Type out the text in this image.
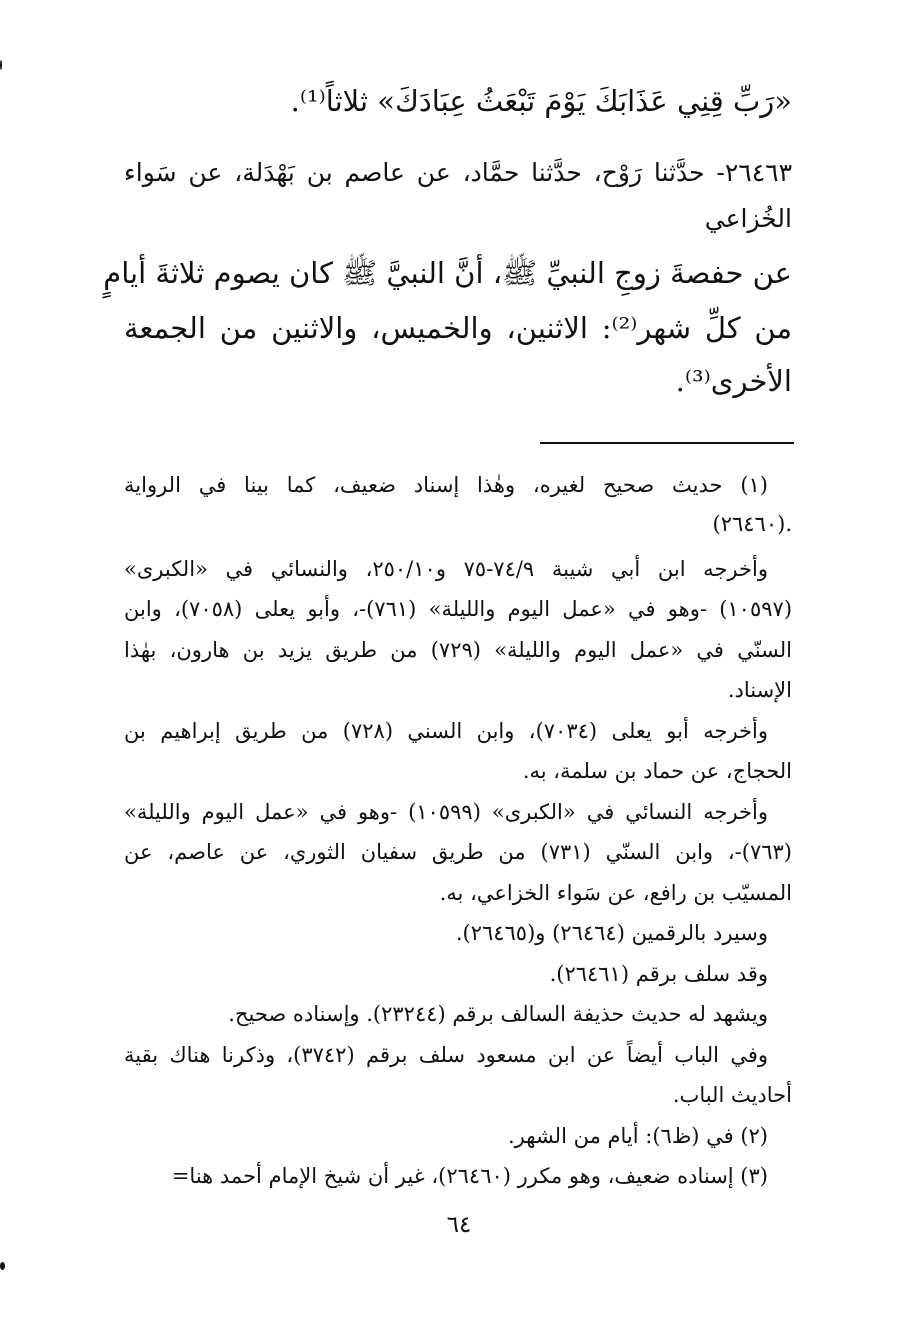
«رَبِّ قِنِي عَذَابَكَ يَوْمَ تَبْعَثُ عِبَادَكَ» ثلاثاً⁽¹⁾.
٢٦٤٦٣- حدَّثنا رَوْح، حدَّثنا حمَّاد، عن عاصم بن بَهْدَلة، عن سَواء
الخُزاعي
عن حفصةَ زوجِ النبيِّ ﷺ، أنَّ النبيَّ ﷺ كان يصوم ثلاثةَ أيامٍ
من كلِّ شهر⁽²⁾: الاثنين، والخميس، والاثنين من الجمعة
الأخرى⁽³⁾.
(١) حديث صحيح لغيره، وهٰذا إسناد ضعيف، كما بينا في الرواية
(٢٦٤٦٠).
وأخرجه ابن أبي شيبة ٧٤/٩-٧٥ و٢٥٠/١٠، والنسائي في «الكبرى»
(١٠٥٩٧) -وهو في «عمل اليوم والليلة» (٧٦١)-، وأبو يعلى (٧٠٥٨)، وابن
السنّي في «عمل اليوم والليلة» (٧٢٩) من طريق يزيد بن هارون، بهٰذا
الإسناد.
وأخرجه أبو يعلى (٧٠٣٤)، وابن السني (٧٢٨) من طريق إبراهيم بن
الحجاج، عن حماد بن سلمة، به.
وأخرجه النسائي في «الكبرى» (١٠٥٩٩) -وهو في «عمل اليوم والليلة»
(٧٦٣)-، وابن السنّي (٧٣١) من طريق سفيان الثوري، عن عاصم، عن
المسيّب بن رافع، عن سَواء الخزاعي، به.
وسيرد بالرقمين (٢٦٤٦٤) و(٢٦٤٦٥).
وقد سلف برقم (٢٦٤٦١).
ويشهد له حديث حذيفة السالف برقم (٢٣٢٤٤). وإسناده صحيح.
وفي الباب أيضاً عن ابن مسعود سلف برقم (٣٧٤٢)، وذكرنا هناك بقية
أحاديث الباب.
(٢) في (ظ٦): أيام من الشهر.
(٣) إسناده ضعيف، وهو مكرر (٢٦٤٦٠)، غير أن شيخ الإمام أحمد هنا=
٦٤
